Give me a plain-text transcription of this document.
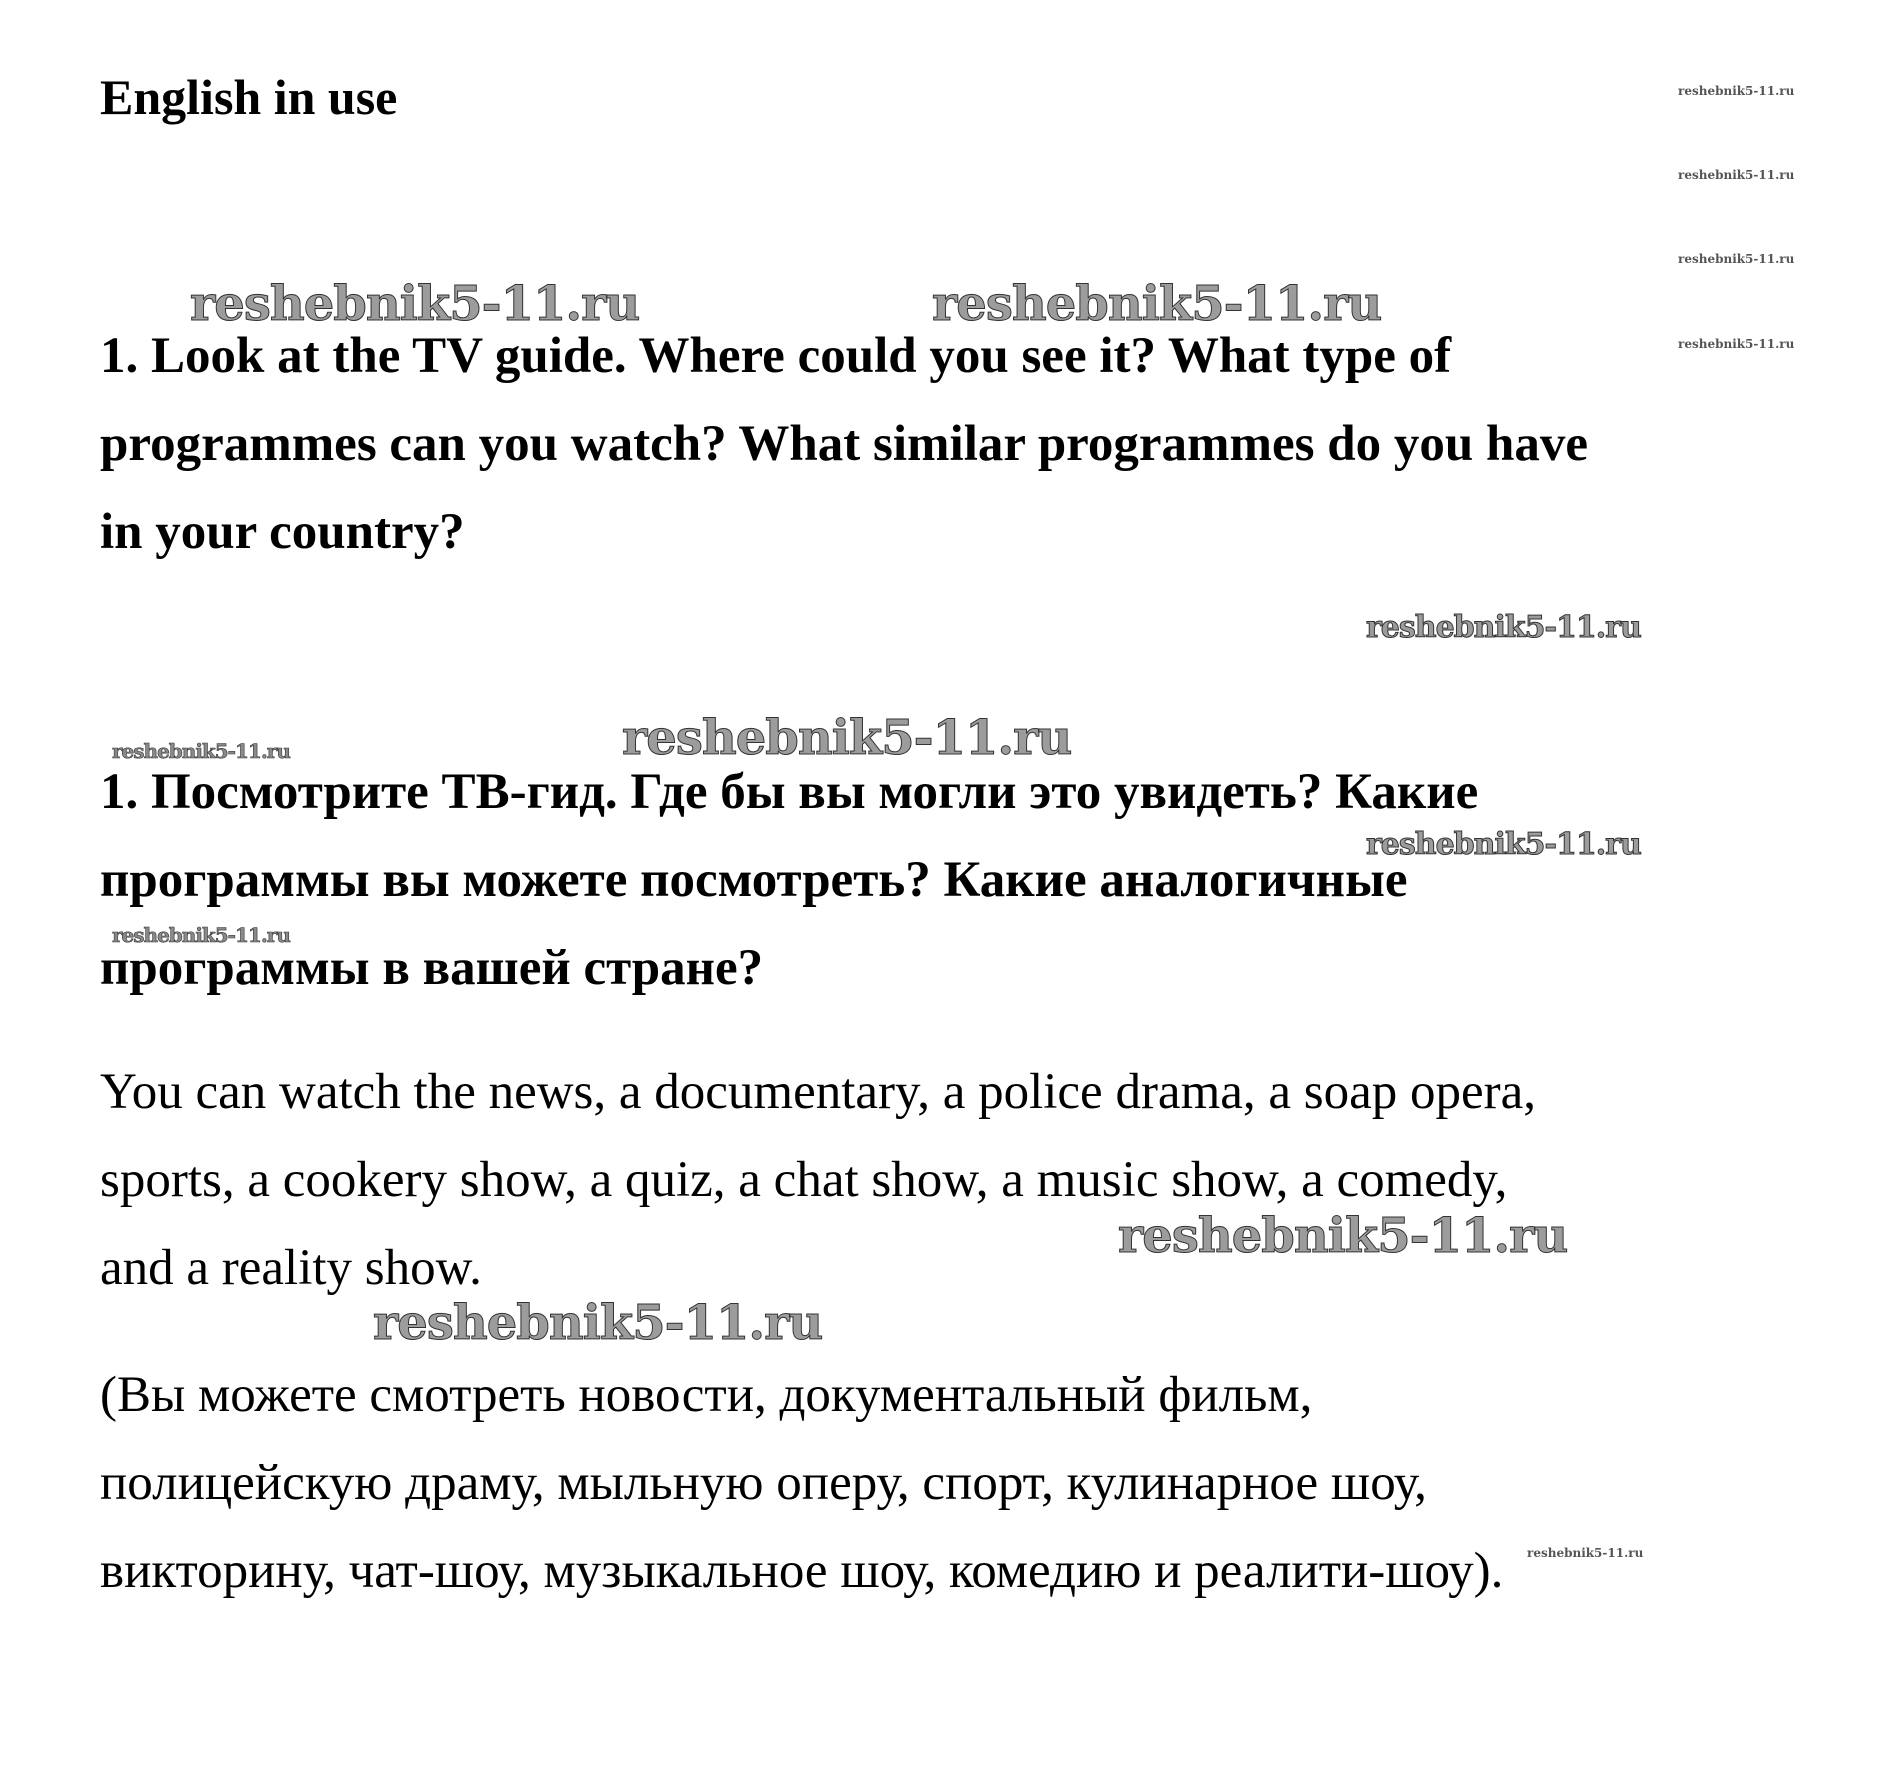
English in use
1. Look at the TV guide. Where could you see it? What type of
programmes can you watch? What similar programmes do you have
in your country?
1. Посмотрите ТВ-гид. Где бы вы могли это увидеть? Какие
программы вы можете посмотреть? Какие аналогичные
программы в вашей стране?
You can watch the news, a documentary, a police drama, a soap opera,
sports, a cookery show, a quiz, a chat show, a music show, a comedy,
and a reality show.
(Вы можете смотреть новости, документальный фильм,
полицейскую драму, мыльную оперу, спорт, кулинарное шоу,
викторину, чат-шоу, музыкальное шоу, комедию и реалити-шоу).
reshebnik5-11.ru
reshebnik5-11.ru
reshebnik5-11.ru
reshebnik5-11.ru
reshebnik5-11.ru	reshebnik5-11.ru
reshebnik5-11.ru
reshebnik5-11.ru	reshebnik5-11.ru
reshebnik5-11.ru
reshebnik5-11.ru
reshebnik5-11.ru
reshebnik5-11.ru
reshebnik5-11.ru
